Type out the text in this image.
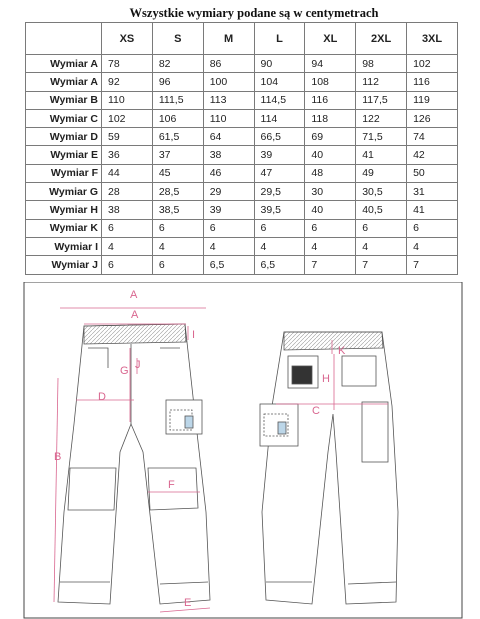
Wszystkie wymiary podane są w centymetrach
	XS	S	M	L	XL	2XL	3XL
Wymiar A	78	82	86	90	94	98	102
Wymiar A	92	96	100	104	108	112	116
Wymiar B	110	111,5	113	114,5	116	117,5	119
Wymiar C	102	106	110	114	118	122	126
Wymiar D	59	61,5	64	66,5	69	71,5	74
Wymiar E	36	37	38	39	40	41	42
Wymiar F	44	45	46	47	48	49	50
Wymiar G	28	28,5	29	29,5	30	30,5	31
Wymiar H	38	38,5	39	39,5	40	40,5	41
Wymiar K	6	6	6	6	6	6	6
Wymiar I	4	4	4	4	4	4	4
Wymiar J	6	6	6,5	6,5	7	7	7
A
A
I
G J
D
B
F
E
K
H
C
